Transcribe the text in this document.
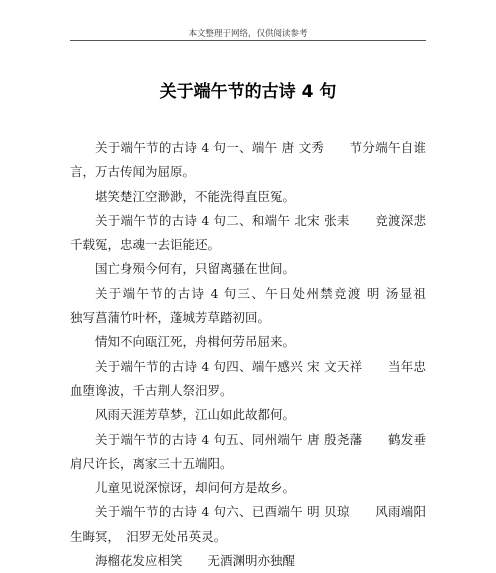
本文整理于网络，仅供阅读参考
关于端午节的古诗 4 句

关于端午节的古诗 4 句一、端午 唐 文秀　　节分端午自谁言，万古传闻为屈原。

堪笑楚江空渺渺，不能洗得直臣冤。

关于端午节的古诗 4 句二、和端午 北宋 张耒　　竞渡深悲千载冤，忠魂一去讵能还。

国亡身殒今何有，只留离骚在世间。

关于端午节的古诗 4 句三、午日处州禁竞渡 明 汤显祖　　独写菖蒲竹叶杯，蓬城芳草踏初回。

情知不向瓯江死，舟楫何劳吊屈来。

关于端午节的古诗 4 句四、端午感兴 宋 文天祥　　当年忠血堕谗波，千古荆人祭汨罗。

风雨天涯芳草梦，江山如此故都何。

关于端午节的古诗 4 句五、同州端午 唐 殷尧藩　　鹤发垂肩尺许长，离家三十五端阳。

儿童见说深惊讶，却问何方是故乡。

关于端午节的古诗 4 句六、已酉端午 明 贝琼　　风雨端阳生晦冥，　汨罗无处吊英灵。

海榴花发应相笑　　无酒渊明亦独醒
